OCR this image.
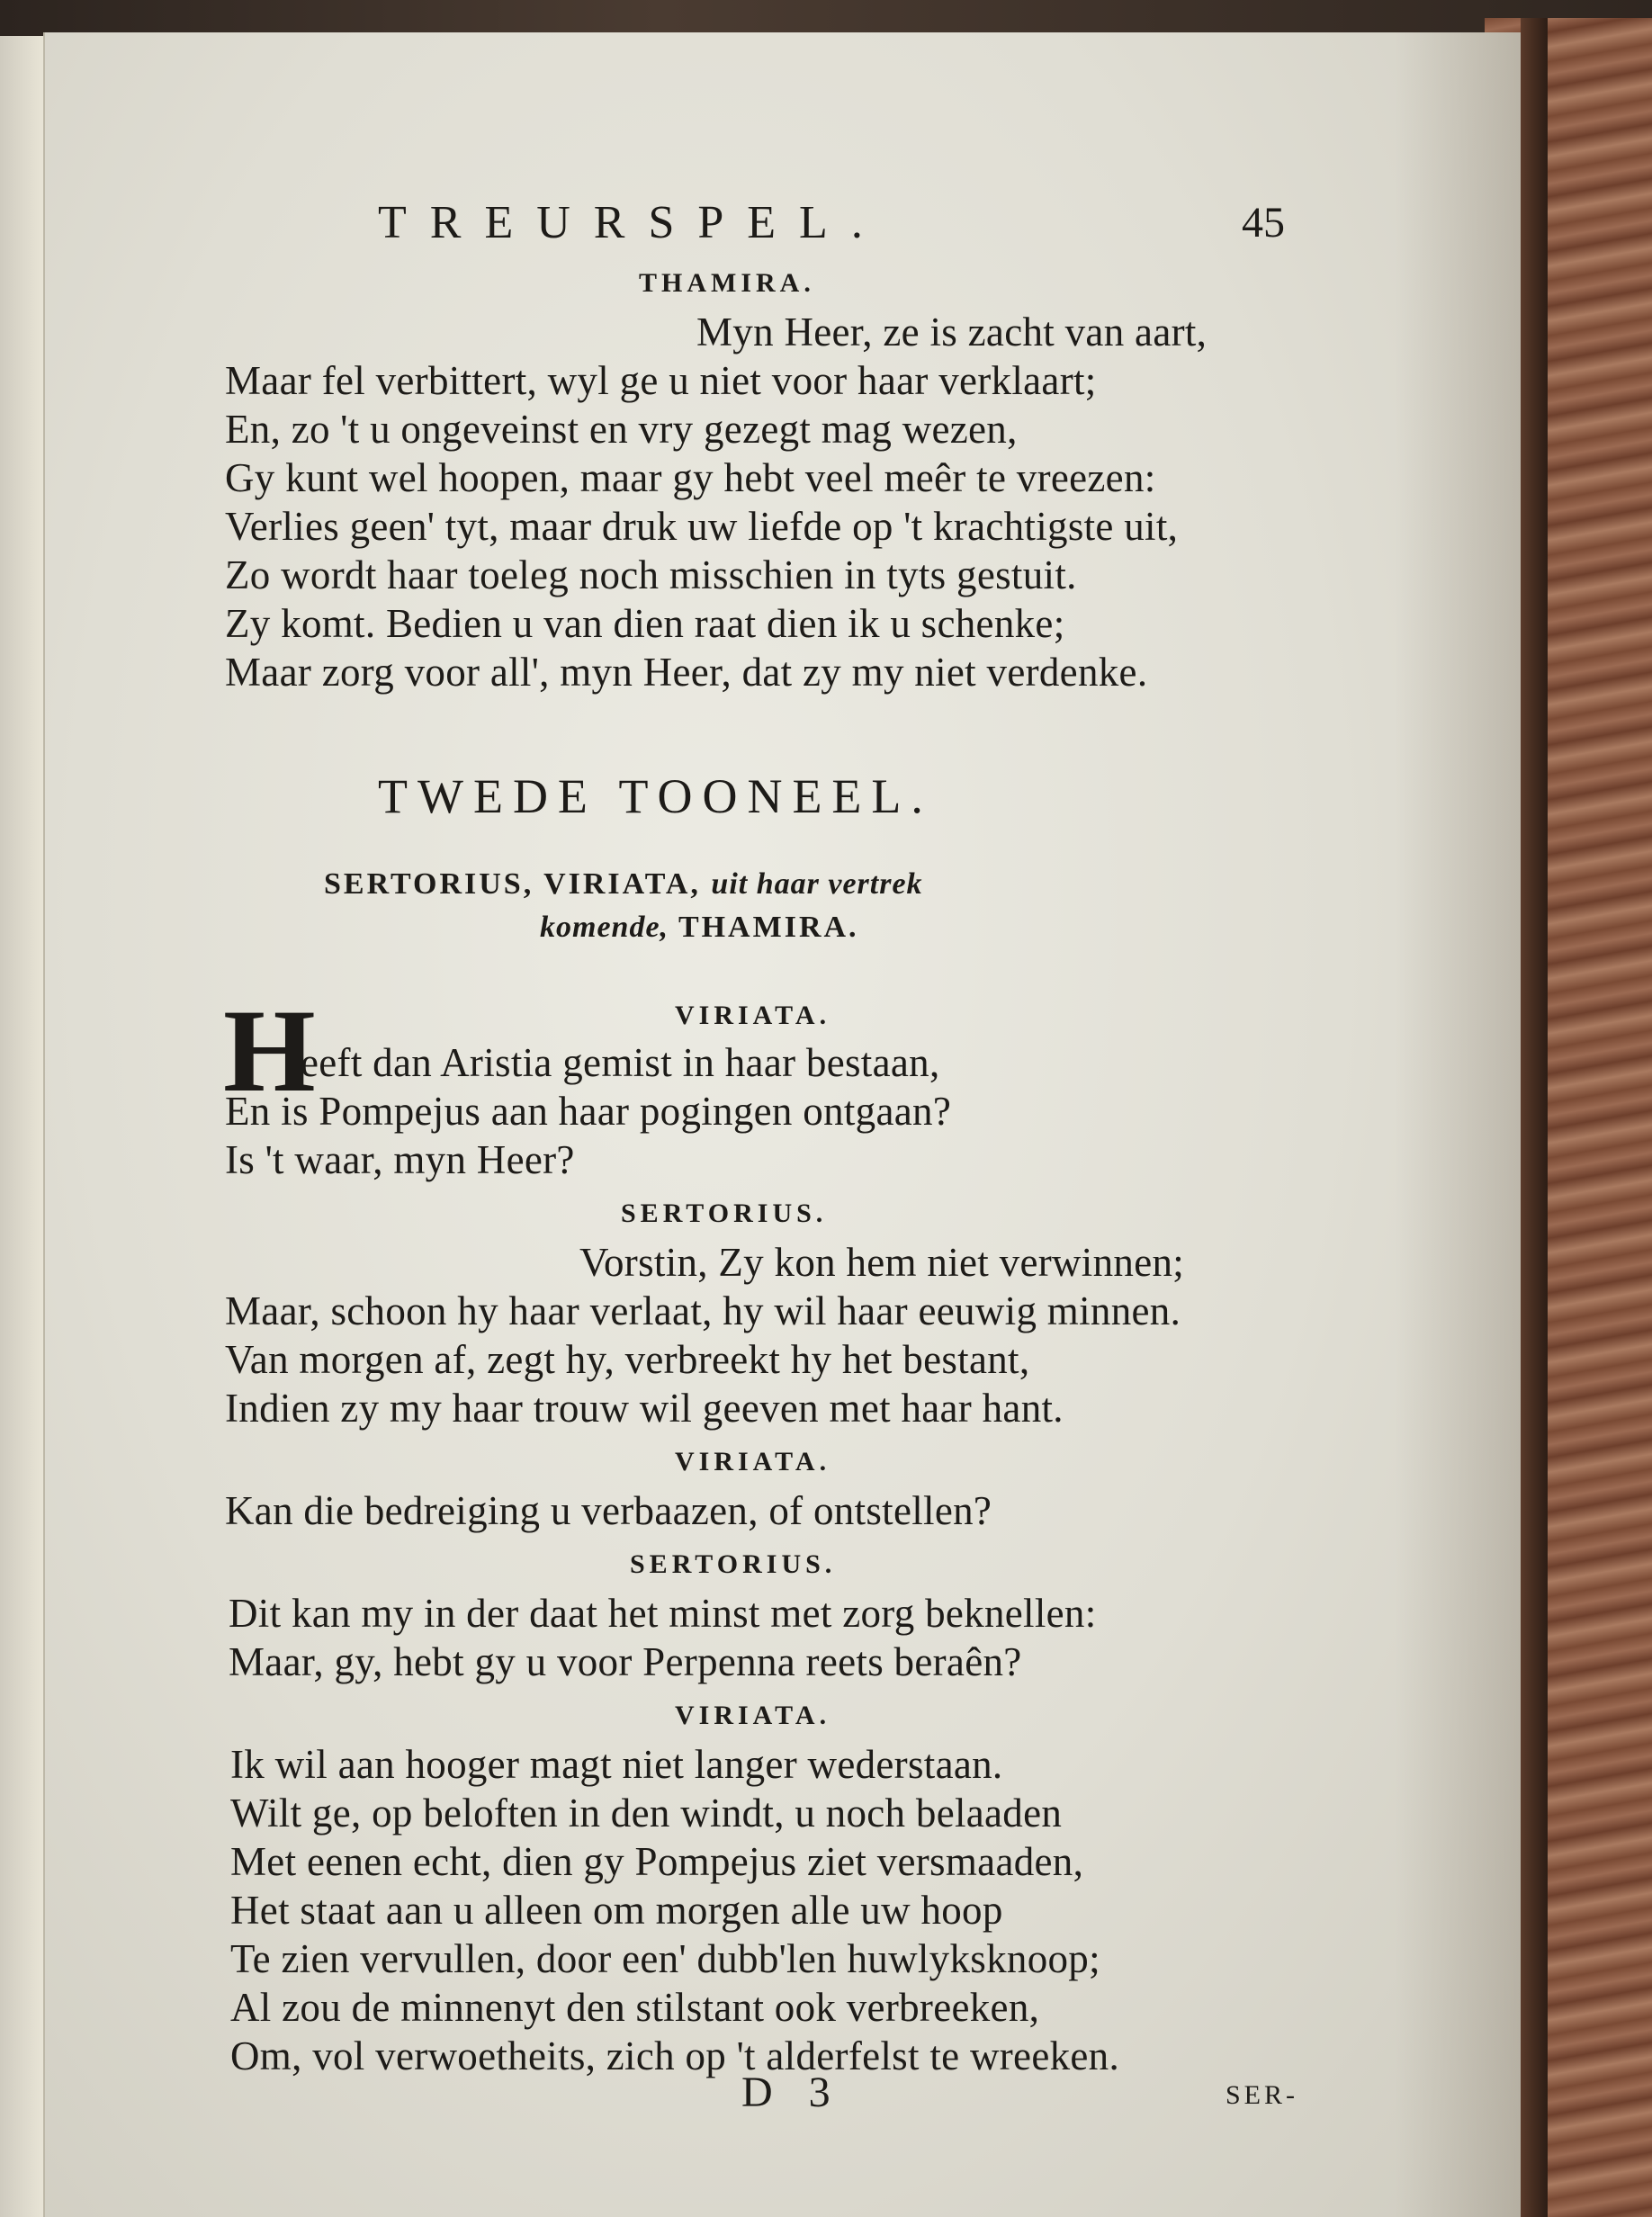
TREURSPEL.	45
THAMIRA.
Myn Heer, ze is zacht van aart,
Maar fel verbittert, wyl ge u niet voor haar verklaart;
En, zo 't u ongeveinst en vry gezegt mag wezen,
Gy kunt wel hoopen, maar gy hebt veel meêr te vreezen:
Verlies geen' tyt, maar druk uw liefde op 't krachtigste uit,
Zo wordt haar toeleg noch misschien in tyts gestuit.
Zy komt. Bedien u van dien raat dien ik u schenke;
Maar zorg voor all', myn Heer, dat zy my niet verdenke.
TWEDE TOONEEL.
SERTORIUS, VIRIATA, uit haar vertrek
komende, THAMIRA.
VIRIATA.
H
eeft dan Aristia gemist in haar bestaan,
En is Pompejus aan haar pogingen ontgaan?
Is 't waar, myn Heer?
SERTORIUS.
Vorstin, Zy kon hem niet verwinnen;
Maar, schoon hy haar verlaat, hy wil haar eeuwig minnen.
Van morgen af, zegt hy, verbreekt hy het bestant,
Indien zy my haar trouw wil geeven met haar hant.
VIRIATA.
Kan die bedreiging u verbaazen, of ontstellen?
SERTORIUS.
Dit kan my in der daat het minst met zorg beknellen:
Maar, gy, hebt gy u voor Perpenna reets beraên?
VIRIATA.
Ik wil aan hooger magt niet langer wederstaan.
Wilt ge, op beloften in den windt, u noch belaaden
Met eenen echt, dien gy Pompejus ziet versmaaden,
Het staat aan u alleen om morgen alle uw hoop
Te zien vervullen, door een' dubb'len huwlyksknoop;
Al zou de minnenyt den stilstant ook verbreeken,
Om, vol verwoetheits, zich op 't alderfelst te wreeken.
D 3	SER-
